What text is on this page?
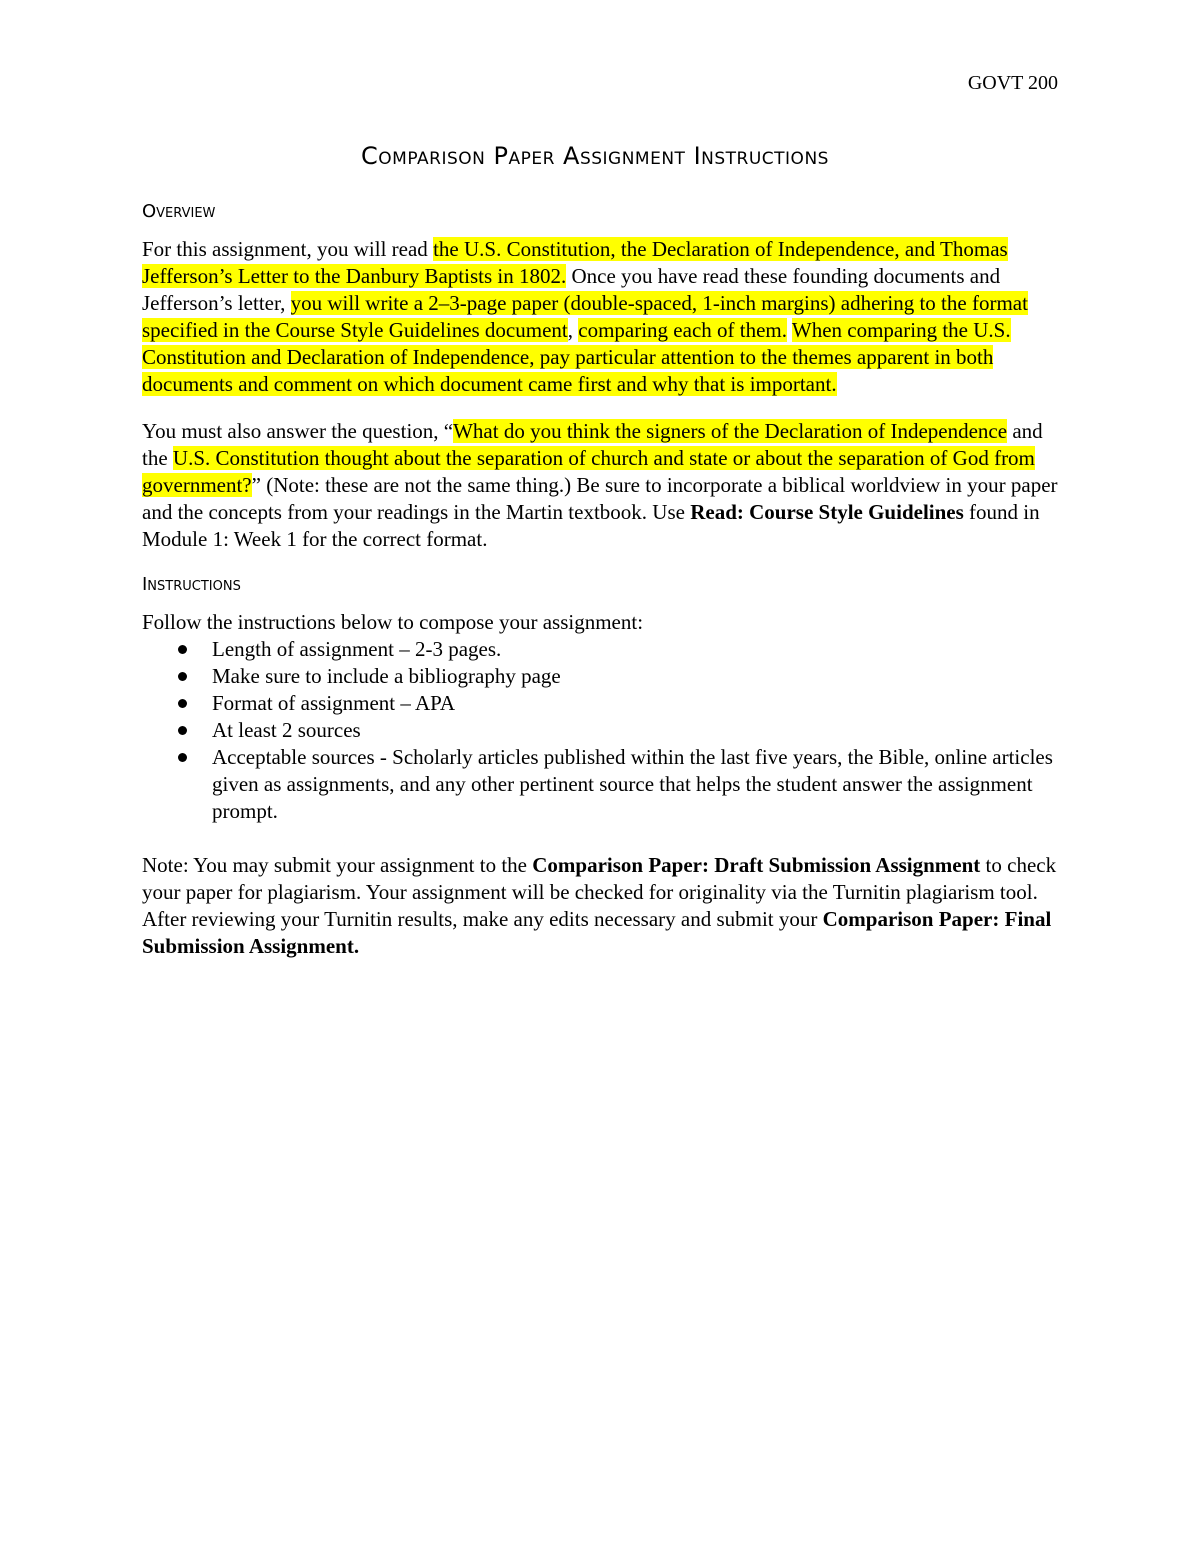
GOVT 200
Comparison Paper Assignment Instructions
Overview

For this assignment, you will read the U.S. Constitution, the Declaration of Independence, and Thomas Jefferson’s Letter to the Danbury Baptists in 1802. Once you have read these founding documents and Jefferson’s letter, you will write a 2–3-page paper (double-spaced, 1-inch margins) adhering to the format specified in the Course Style Guidelines document, comparing each of them. When comparing the U.S. Constitution and Declaration of Independence, pay particular attention to the themes apparent in both documents and comment on which document came first and why that is important.

You must also answer the question, “What do you think the signers of the Declaration of Independence and the U.S. Constitution thought about the separation of church and state or about the separation of God from government?” (Note: these are not the same thing.) Be sure to incorporate a biblical worldview in your paper and the concepts from your readings in the Martin textbook. Use Read: Course Style Guidelines found in Module 1: Week 1 for the correct format.

Instructions

Follow the instructions below to compose your assignment:

Length of assignment – 2-3 pages.
Make sure to include a bibliography page
Format of assignment – APA
At least 2 sources
Acceptable sources - Scholarly articles published within the last five years, the Bible, online articles given as assignments, and any other pertinent source that helps the student answer the assignment prompt.

Note: You may submit your assignment to the Comparison Paper: Draft Submission Assignment to check your paper for plagiarism. Your assignment will be checked for originality via the Turnitin plagiarism tool. After reviewing your Turnitin results, make any edits necessary and submit your Comparison Paper: Final Submission Assignment.
